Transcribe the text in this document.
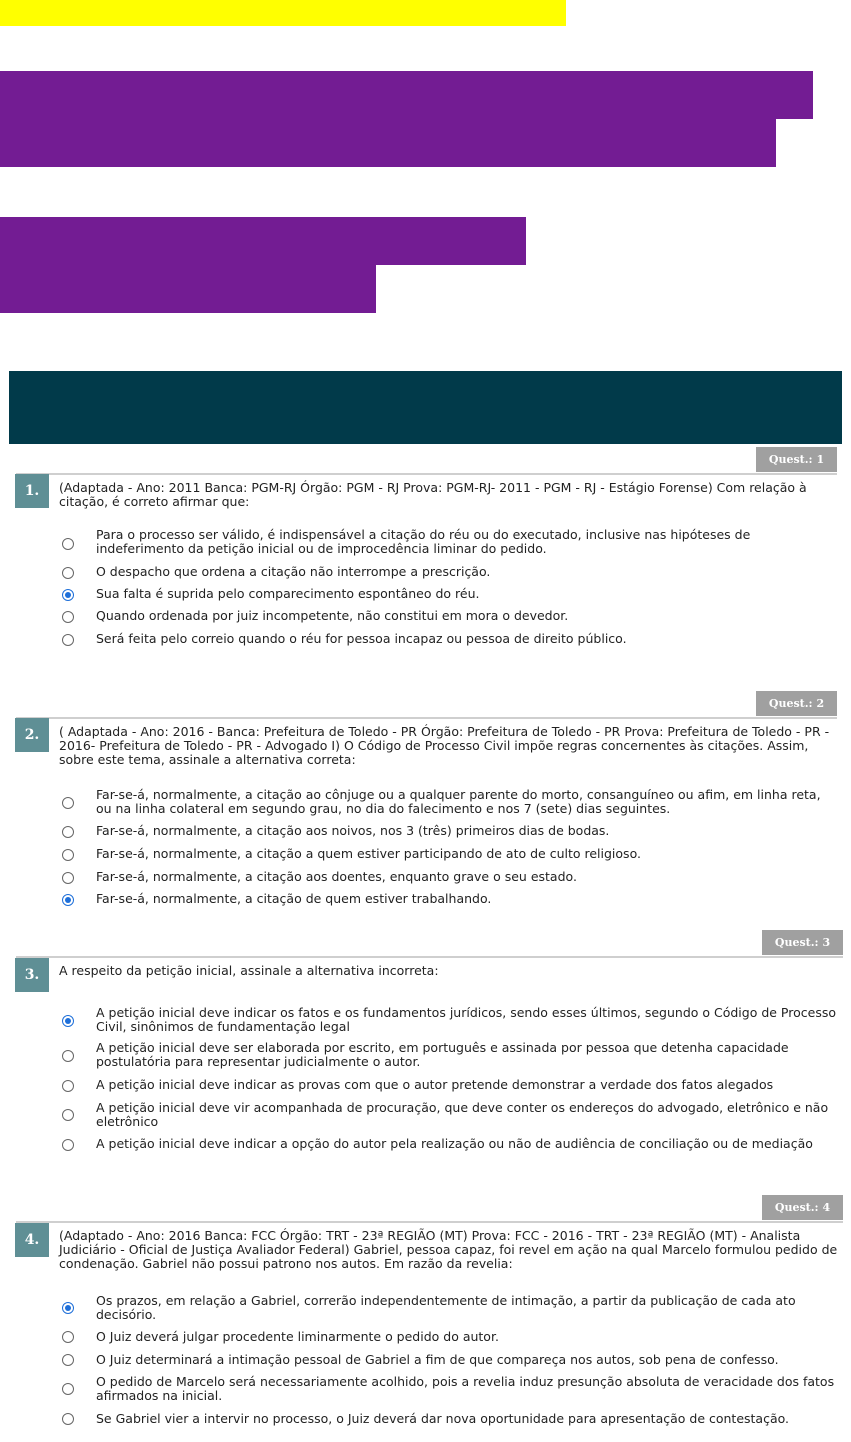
Quest.: 1
1.	(Adaptada - Ano: 2011 Banca: PGM-RJ Órgão: PGM - RJ Prova: PGM-RJ- 2011 - PGM - RJ - Estágio Forense) Com relação à citação, é correto afirmar que:
Para o processo ser válido, é indispensável a citação do réu ou do executado, inclusive nas hipóteses de indeferimento da petição inicial ou de improcedência liminar do pedido.
O despacho que ordena a citação não interrompe a prescrição.
Sua falta é suprida pelo comparecimento espontâneo do réu.
Quando ordenada por juiz incompetente, não constitui em mora o devedor.
Será feita pelo correio quando o réu for pessoa incapaz ou pessoa de direito público.
Quest.: 2
2.	( Adaptada - Ano: 2016 - Banca: Prefeitura de Toledo - PR Órgão: Prefeitura de Toledo - PR Prova: Prefeitura de Toledo - PR - 2016- Prefeitura de Toledo - PR - Advogado I) O Código de Processo Civil impõe regras concernentes às citações. Assim, sobre este tema, assinale a alternativa correta:
Far-se-á, normalmente, a citação ao cônjuge ou a qualquer parente do morto, consanguíneo ou afim, em linha reta, ou na linha colateral em segundo grau, no dia do falecimento e nos 7 (sete) dias seguintes.
Far-se-á, normalmente, a citação aos noivos, nos 3 (três) primeiros dias de bodas.
Far-se-á, normalmente, a citação a quem estiver participando de ato de culto religioso.
Far-se-á, normalmente, a citação aos doentes, enquanto grave o seu estado.
Far-se-á, normalmente, a citação de quem estiver trabalhando.
Quest.: 3
3.	A respeito da petição inicial, assinale a alternativa incorreta:
A petição inicial deve indicar os fatos e os fundamentos jurídicos, sendo esses últimos, segundo o Código de Processo Civil, sinônimos de fundamentação legal
A petição inicial deve ser elaborada por escrito, em português e assinada por pessoa que detenha capacidade postulatória para representar judicialmente o autor.
A petição inicial deve indicar as provas com que o autor pretende demonstrar a verdade dos fatos alegados
A petição inicial deve vir acompanhada de procuração, que deve conter os endereços do advogado, eletrônico e não eletrônico
A petição inicial deve indicar a opção do autor pela realização ou não de audiência de conciliação ou de mediação
Quest.: 4
4.	(Adaptado - Ano: 2016 Banca: FCC Órgão: TRT - 23ª REGIÃO (MT) Prova: FCC - 2016 - TRT - 23ª REGIÃO (MT) - Analista Judiciário - Oficial de Justiça Avaliador Federal) Gabriel, pessoa capaz, foi revel em ação na qual Marcelo formulou pedido de condenação. Gabriel não possui patrono nos autos. Em razão da revelia:
Os prazos, em relação a Gabriel, correrão independentemente de intimação, a partir da publicação de cada ato decisório.
O Juiz deverá julgar procedente liminarmente o pedido do autor.
O Juiz determinará a intimação pessoal de Gabriel a fim de que compareça nos autos, sob pena de confesso.
O pedido de Marcelo será necessariamente acolhido, pois a revelia induz presunção absoluta de veracidade dos fatos afirmados na inicial.
Se Gabriel vier a intervir no processo, o Juiz deverá dar nova oportunidade para apresentação de contestação.
